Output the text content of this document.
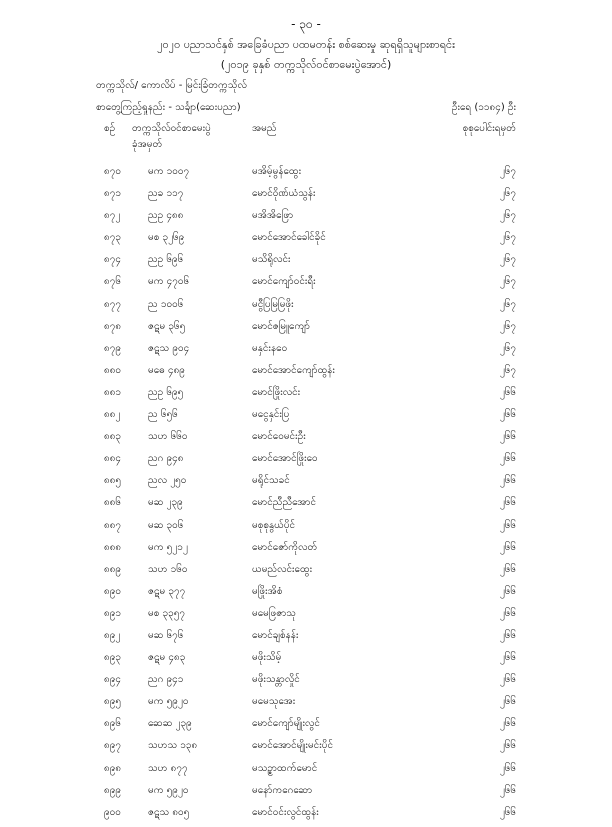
- ၃၀ -
၂၀၂၀ ပညာသင်နှစ် အခြေခံပညာ ပထမတန်း စစ်ဆေးမှု ဆုရရှိသူများစာရင်း
(၂၀၁၉ ခုနှစ် တက္ကသိုလ်ဝင်စာမေးပွဲအောင်)
တက္ကသိုလ်/ ကောလိပ် - မြင်းခြံတက္ကသိုလ်
စာတွေ့ကြည့်ရှုနည်း - သင်္ချာ(ဆေးပညာ)	ဦးရေ (၁၁၈၄) ဦး
စဉ် တက္ကသိုလ်ဝင်စာမေးပွဲ
ခုံအမှတ်
အမည်	စုစုပေါင်းရမှတ်
၈၇၀	မက ၁၀၀၇	မအိမ့်မွန်ထွေး	၂၆၇
၈၇၁	ညခ ၁၁၇	မောင်ဝိုဏ်ယံသွန်း	၂၆၇
၈၇၂	ညဥ ၄၈၈	မအိအိဖြော	၂၆၇
၈၇၃	မစ ၃၂၆၉	မောင်အောင်ခေါင်ခိုင်	၂၆၇
၈၇၄	ညဥ ၆၉၆	မသိရိုလင်း	၂၆၇
၈၇၆	မက ၄၇၀၆	မောင်ကျော်ဝင်းရီး	၂၆၇
၈၇၇	ည ၁၀၀၆	မငွီပြမြမြဖိုး	၂၆၇
၈၇၈	ဇဋမ ၃၆၅	မောင်ဇမြူကျော်	၂၆၇
၈၇၉	ဇဋသ ၉၀၄	မနှင်းနဝေ	၂၆၇
၈၈၀	မဓေ ၄၈၉	မောင်အောင်ကျော်ထွန်း	၂၆၇
၈၈၁	ညဥ ၆၉၅	မောင်ဖြိုးလင်း	၂၆၆
၈၈၂	ည ၆၅၆	မငွေနှင်းပြ	၂၆၆
၈၈၃	သဟ ၆၆၀	မောင်ဝေမင်းဦး	၂၆၆
၈၈၄	ညဂ ၉၄၈	မောင်အောင်ဖြိုးဝေ	၂၆၆
၈၈၅	ညလ ၂၅၀	မရိုင်သခင်	၂၆၆
၈၈၆	မဆ ၂၃၉	မောင်ညီညီအောင်	၂၆၆
၈၈၇	မဆ ၃၀၆	မစုစုနွယ်ပိုင်	၂၆၆
၈၈၈	မက ၅၂၁၂	မောင်ဇော်ကိုလတ်	၂၆၆
၈၈၉	သဟ ၁၆၀	ယမည်လင်းထွေး	၂၆၆
၈၉၀	ဇဋမ ၃၇၇	မဖြိုးအိစံ	၂၆၆
၈၉၁	မစ ၃၃၅၇	မမေဖြဇာသု	၂၆၆
၈၉၂	မဆ ၆၇၆	မောင်ချစ်နန်း	၂၆၆
၈၉၃	ဇဋမ ၄၈၃	မဖိုးသိမ့်	၂၆၆
၈၉၄	ညဂ ၉၄၁	မဖိုးသန္တာလှိုင်	၂၆၆
၈၉၅	မက ၅၉၂၀	မမေသုအေး	၂၆၆
၈၉၆	ဆေဆ ၂၃၉	မောင်ကျော်မျိုးလွင်	၂၆၆
၈၉၇	သဟသ ၁၃၈	မောင်အောင်မျိုးမင်းပိုင်	၂၆၆
၈၉၈	သဟ ၈၇၇	မသဥ္စာထက်မောင်	၂၆၆
၈၉၉	မက ၅၉၂၀	မနော်ကဂေဆော	၂၆၆
၉၀၀	ဇဋသ ၈၀၅	မောင်ဝင်းလွင်ထွန်း	၂၆၆
